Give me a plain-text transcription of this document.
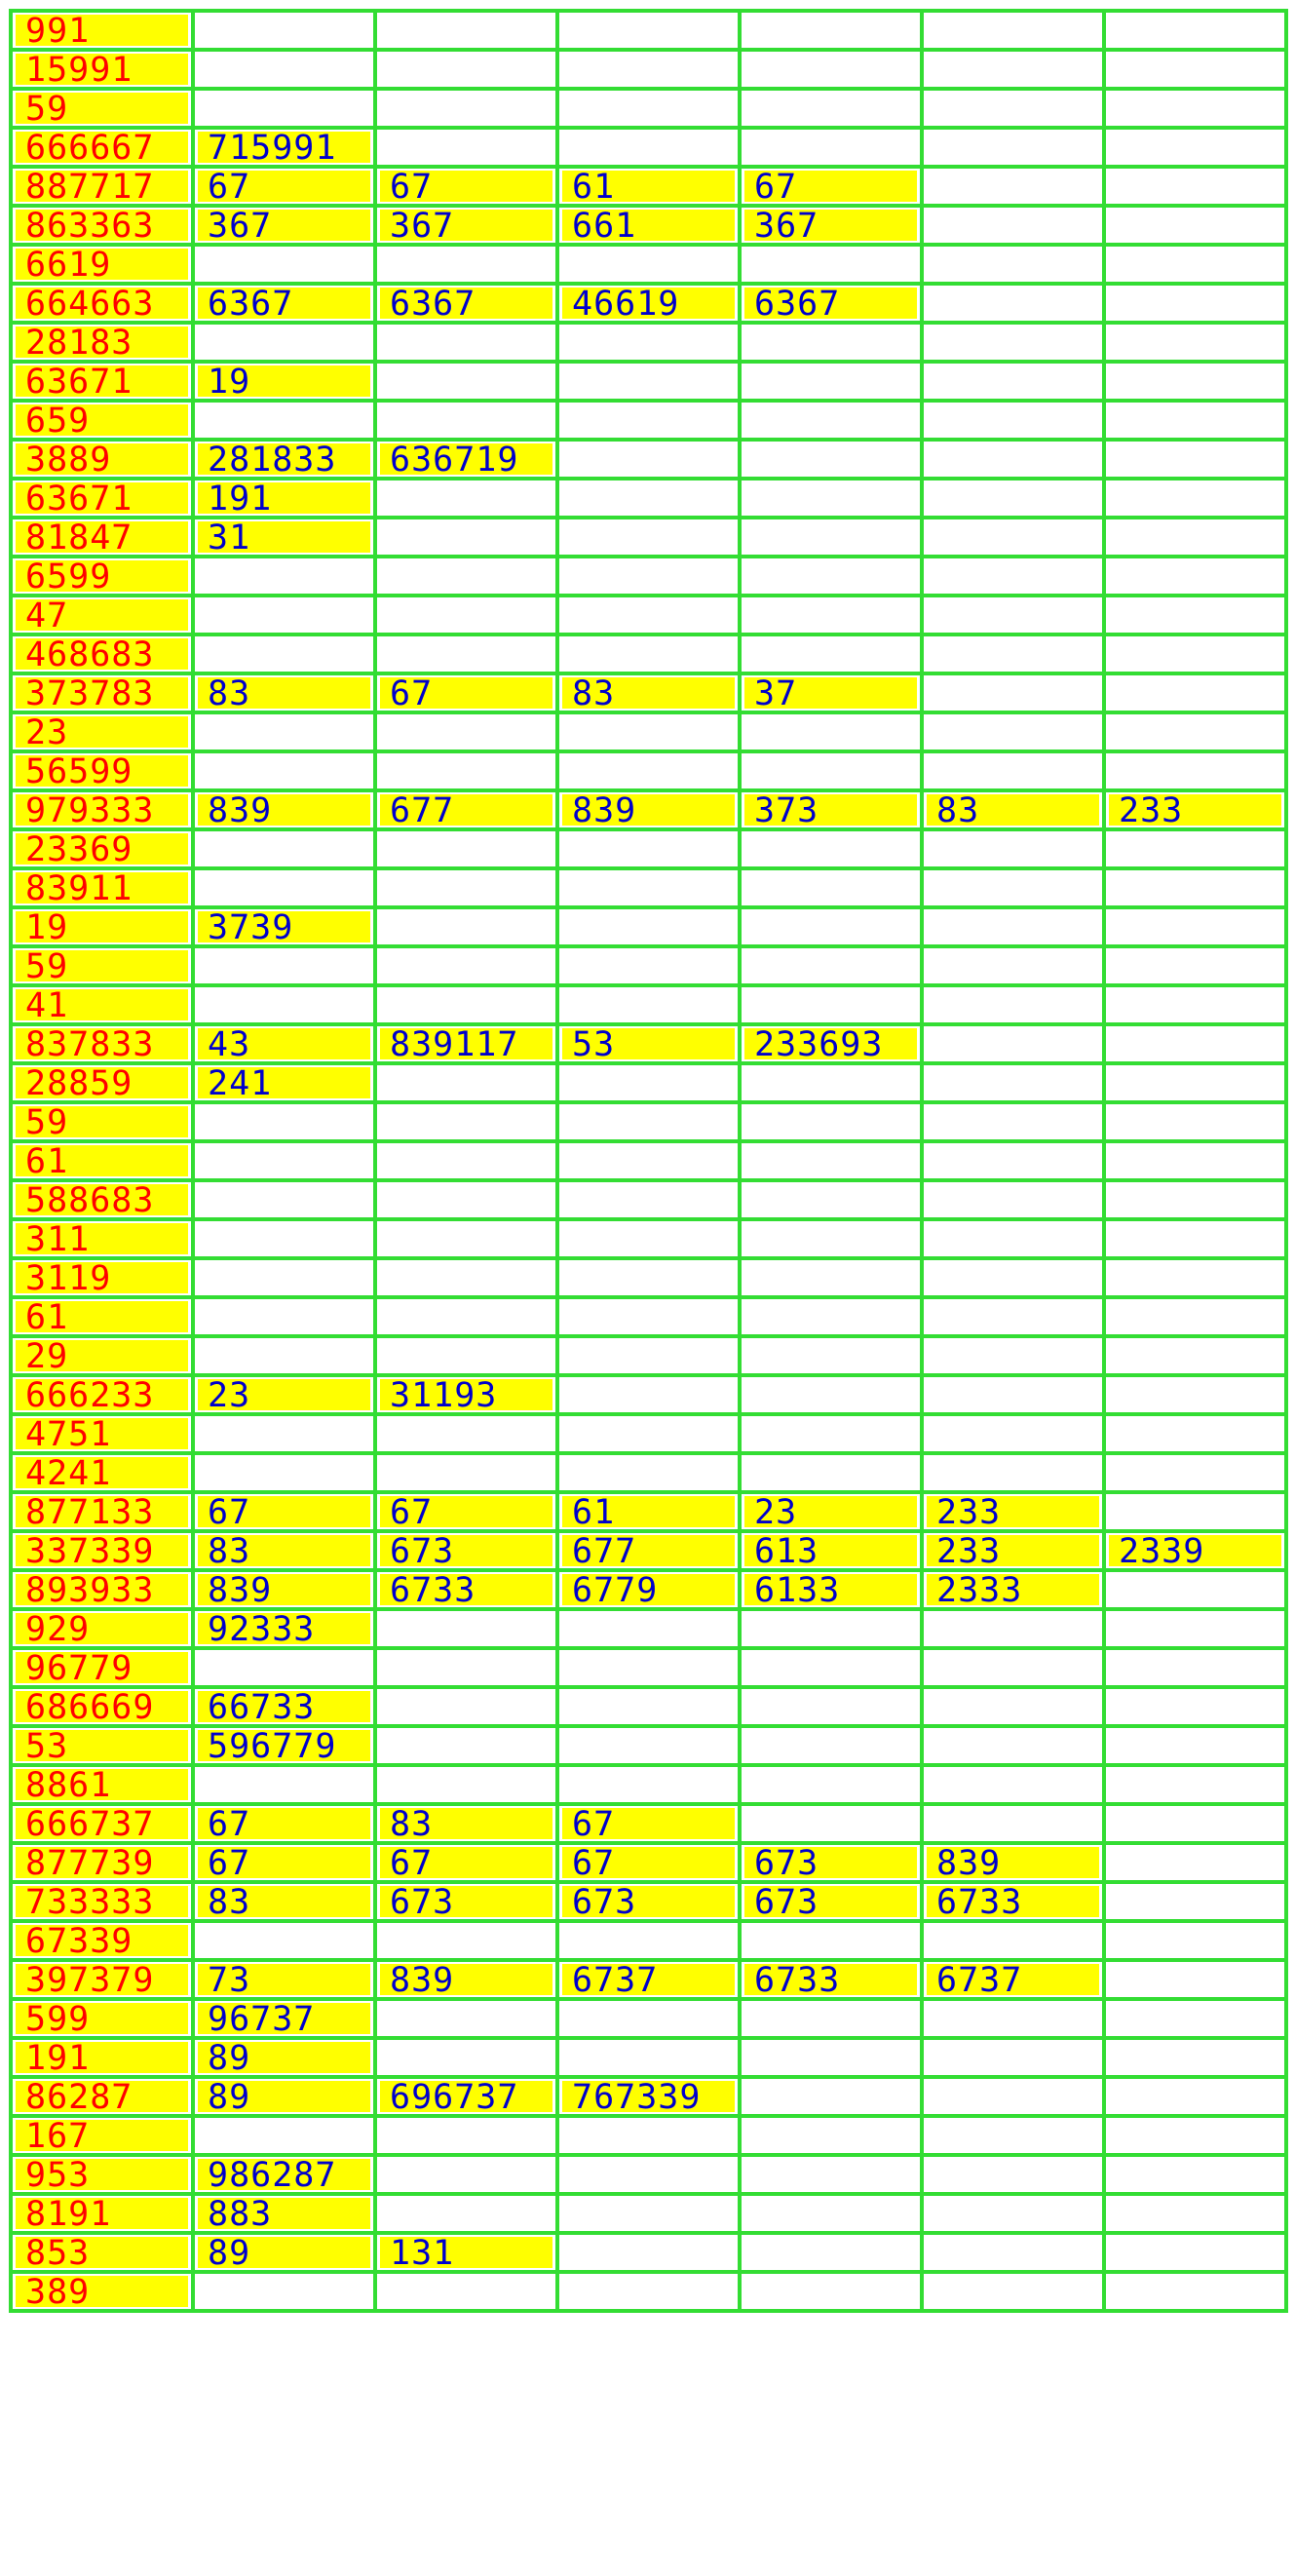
991						

15991						

59						

666667	715991					

887717	67	67	61	67		

863363	367	367	661	367		

6619						

664663	6367	6367	46619	6367		

28183						

63671	19					

659						

3889	281833	636719				

63671	191					

81847	31					

6599						

47						

468683						

373783	83	67	83	37		

23						

56599						

979333	839	677	839	373	83	233

23369						

83911						

19	3739					

59						

41						

837833	43	839117	53	233693		

28859	241					

59						

61						

588683						

311						

3119						

61						

29						

666233	23	31193				

4751						

4241						

877133	67	67	61	23	233	

337339	83	673	677	613	233	2339

893933	839	6733	6779	6133	2333	

929	92333					

96779						

686669	66733					

53	596779					

8861						

666737	67	83	67			

877739	67	67	67	673	839	

733333	83	673	673	673	6733	

67339						

397379	73	839	6737	6733	6737	

599	96737					

191	89					

86287	89	696737	767339			

167						

953	986287					

8191	883					

853	89	131				

389						
